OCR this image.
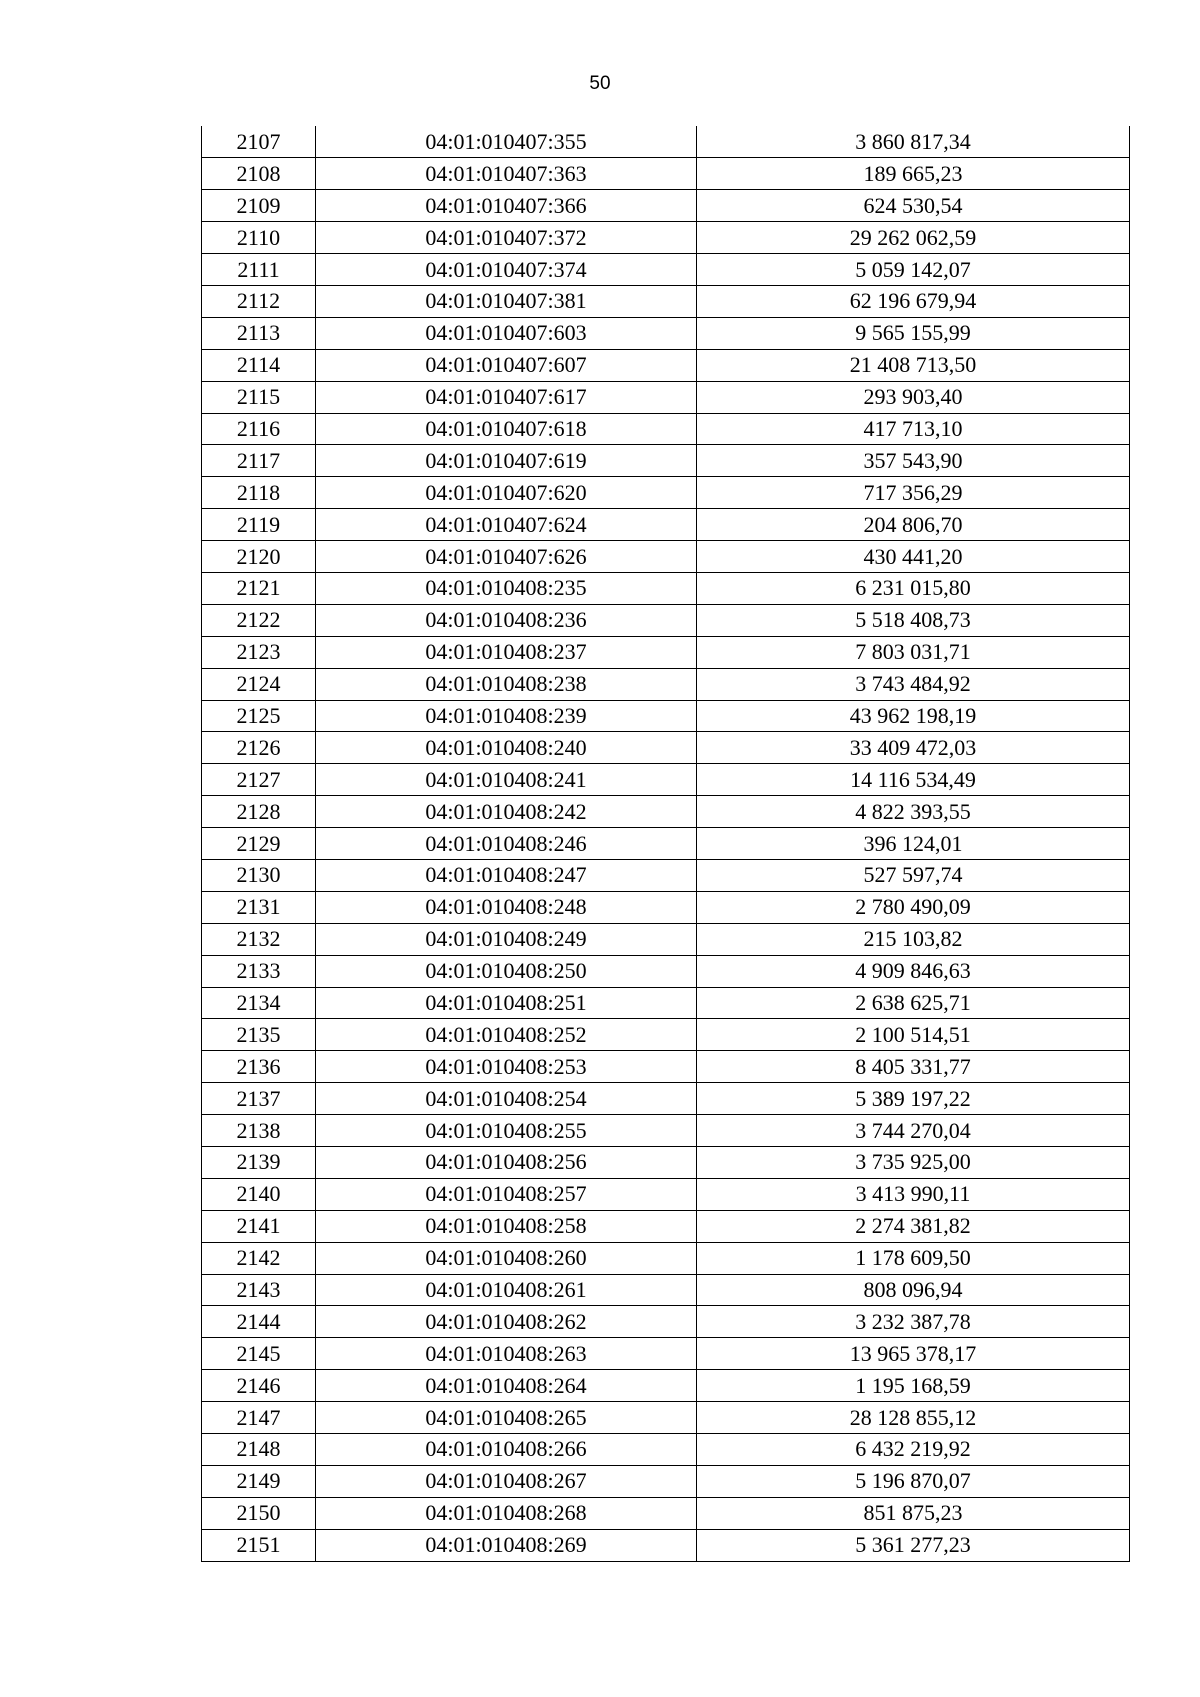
50
2107	04:01:010407:355	3 860 817,34
2108	04:01:010407:363	189 665,23
2109	04:01:010407:366	624 530,54
2110	04:01:010407:372	29 262 062,59
2111	04:01:010407:374	5 059 142,07
2112	04:01:010407:381	62 196 679,94
2113	04:01:010407:603	9 565 155,99
2114	04:01:010407:607	21 408 713,50
2115	04:01:010407:617	293 903,40
2116	04:01:010407:618	417 713,10
2117	04:01:010407:619	357 543,90
2118	04:01:010407:620	717 356,29
2119	04:01:010407:624	204 806,70
2120	04:01:010407:626	430 441,20
2121	04:01:010408:235	6 231 015,80
2122	04:01:010408:236	5 518 408,73
2123	04:01:010408:237	7 803 031,71
2124	04:01:010408:238	3 743 484,92
2125	04:01:010408:239	43 962 198,19
2126	04:01:010408:240	33 409 472,03
2127	04:01:010408:241	14 116 534,49
2128	04:01:010408:242	4 822 393,55
2129	04:01:010408:246	396 124,01
2130	04:01:010408:247	527 597,74
2131	04:01:010408:248	2 780 490,09
2132	04:01:010408:249	215 103,82
2133	04:01:010408:250	4 909 846,63
2134	04:01:010408:251	2 638 625,71
2135	04:01:010408:252	2 100 514,51
2136	04:01:010408:253	8 405 331,77
2137	04:01:010408:254	5 389 197,22
2138	04:01:010408:255	3 744 270,04
2139	04:01:010408:256	3 735 925,00
2140	04:01:010408:257	3 413 990,11
2141	04:01:010408:258	2 274 381,82
2142	04:01:010408:260	1 178 609,50
2143	04:01:010408:261	808 096,94
2144	04:01:010408:262	3 232 387,78
2145	04:01:010408:263	13 965 378,17
2146	04:01:010408:264	1 195 168,59
2147	04:01:010408:265	28 128 855,12
2148	04:01:010408:266	6 432 219,92
2149	04:01:010408:267	5 196 870,07
2150	04:01:010408:268	851 875,23
2151	04:01:010408:269	5 361 277,23
